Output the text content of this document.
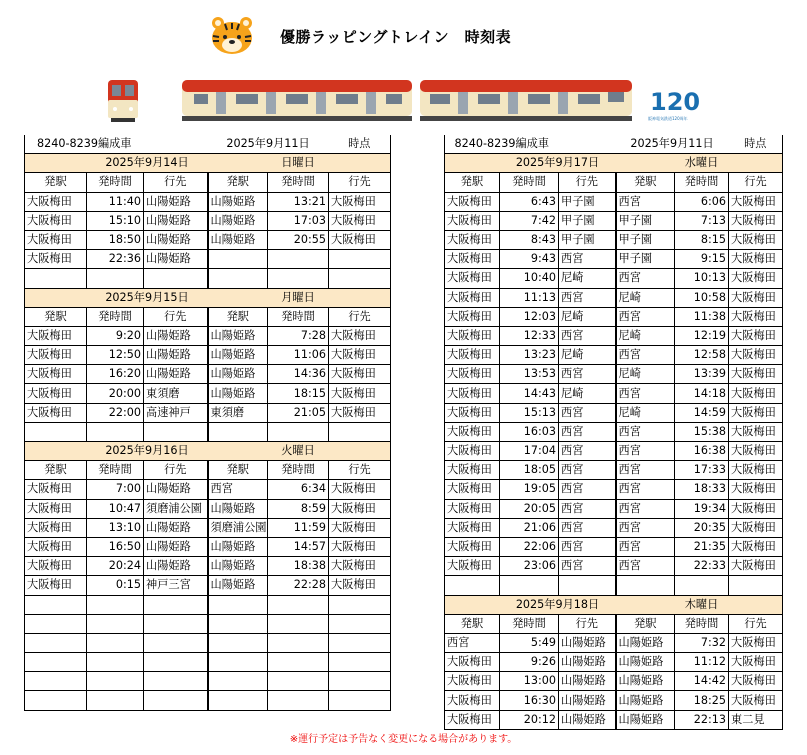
優勝ラッピングトレイン　時刻表
120
阪神電気鉄道120周年
8240-8239編成車			2025年9月11日		時点
	2025年9月14日			日曜日	
発駅	発時間	行先	発駅	発時間	行先
大阪梅田	11:40	山陽姫路	山陽姫路	13:21	大阪梅田
大阪梅田	15:10	山陽姫路	山陽姫路	17:03	大阪梅田
大阪梅田	18:50	山陽姫路	山陽姫路	20:55	大阪梅田
大阪梅田	22:36	山陽姫路			

	2025年9月15日			月曜日	
発駅	発時間	行先	発駅	発時間	行先
大阪梅田	9:20	山陽姫路	山陽姫路	7:28	大阪梅田
大阪梅田	12:50	山陽姫路	山陽姫路	11:06	大阪梅田
大阪梅田	16:20	山陽姫路	山陽姫路	14:36	大阪梅田
大阪梅田	20:00	東須磨	山陽姫路	18:15	大阪梅田
大阪梅田	22:00	高速神戸	東須磨	21:05	大阪梅田

	2025年9月16日			火曜日	
発駅	発時間	行先	発駅	発時間	行先
大阪梅田	7:00	山陽姫路	西宮	6:34	大阪梅田
大阪梅田	10:47	須磨浦公園	山陽姫路	8:59	大阪梅田
大阪梅田	13:10	山陽姫路	須磨浦公園	11:59	大阪梅田
大阪梅田	16:50	山陽姫路	山陽姫路	14:57	大阪梅田
大阪梅田	20:24	山陽姫路	山陽姫路	18:38	大阪梅田
大阪梅田	0:15	神戸三宮	山陽姫路	22:28	大阪梅田

8240-8239編成車			2025年9月11日		時点
	2025年9月17日			水曜日	
発駅	発時間	行先	発駅	発時間	行先
大阪梅田	6:43	甲子園	西宮	6:06	大阪梅田
大阪梅田	7:42	甲子園	甲子園	7:13	大阪梅田
大阪梅田	8:43	甲子園	甲子園	8:15	大阪梅田
大阪梅田	9:43	西宮	甲子園	9:15	大阪梅田
大阪梅田	10:40	尼崎	西宮	10:13	大阪梅田
大阪梅田	11:13	西宮	尼崎	10:58	大阪梅田
大阪梅田	12:03	尼崎	西宮	11:38	大阪梅田
大阪梅田	12:33	西宮	尼崎	12:19	大阪梅田
大阪梅田	13:23	尼崎	西宮	12:58	大阪梅田
大阪梅田	13:53	西宮	尼崎	13:39	大阪梅田
大阪梅田	14:43	尼崎	西宮	14:18	大阪梅田
大阪梅田	15:13	西宮	尼崎	14:59	大阪梅田
大阪梅田	16:03	西宮	西宮	15:38	大阪梅田
大阪梅田	17:04	西宮	西宮	16:38	大阪梅田
大阪梅田	18:05	西宮	西宮	17:33	大阪梅田
大阪梅田	19:05	西宮	西宮	18:33	大阪梅田
大阪梅田	20:05	西宮	西宮	19:34	大阪梅田
大阪梅田	21:06	西宮	西宮	20:35	大阪梅田
大阪梅田	22:06	西宮	西宮	21:35	大阪梅田
大阪梅田	23:06	西宮	西宮	22:33	大阪梅田

	2025年9月18日			木曜日	
発駅	発時間	行先	発駅	発時間	行先
西宮	5:49	山陽姫路	山陽姫路	7:32	大阪梅田
大阪梅田	9:26	山陽姫路	山陽姫路	11:12	大阪梅田
大阪梅田	13:00	山陽姫路	山陽姫路	14:42	大阪梅田
大阪梅田	16:30	山陽姫路	山陽姫路	18:25	大阪梅田
大阪梅田	20:12	山陽姫路	山陽姫路	22:13	東二見
※運行予定は予告なく変更になる場合があります。
